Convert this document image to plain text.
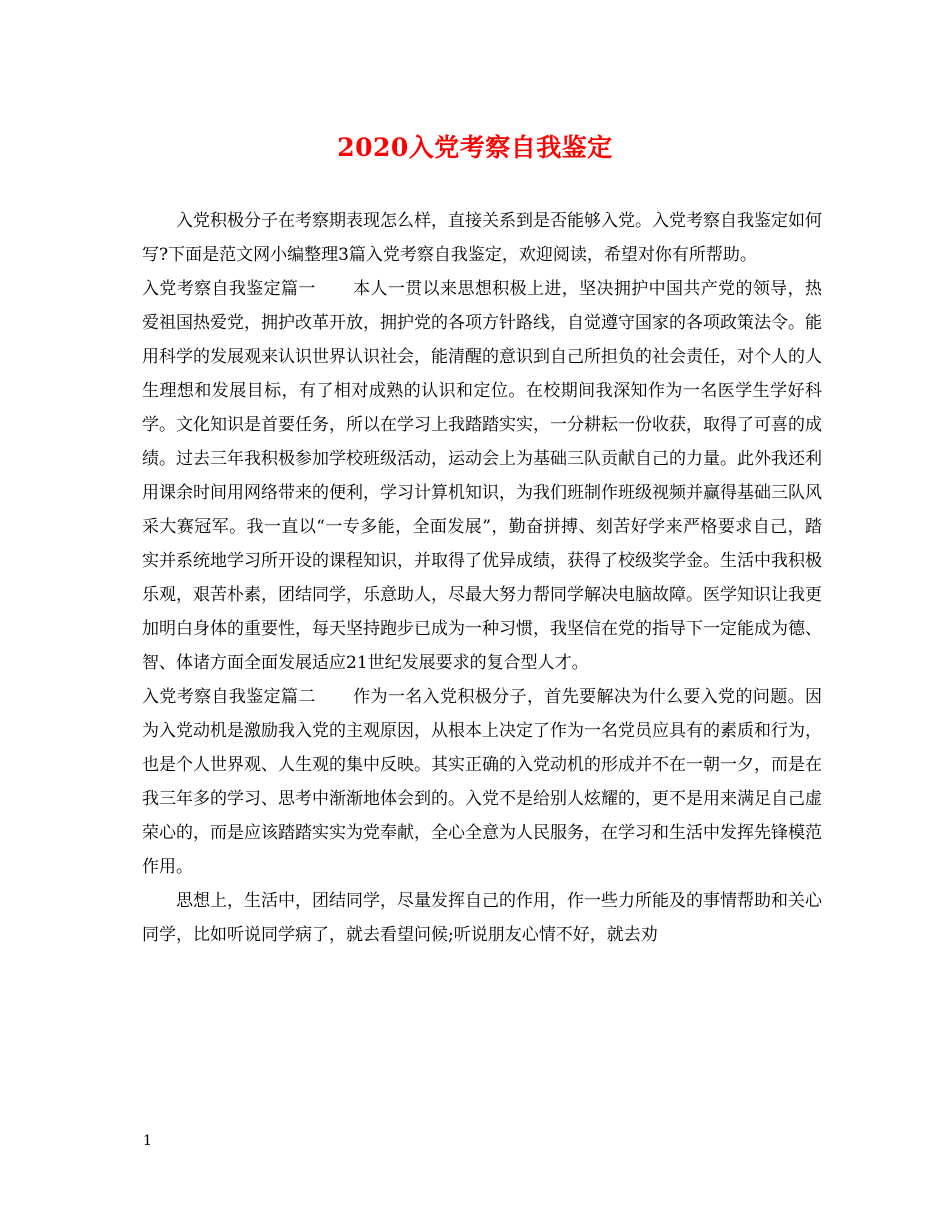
2020入党考察自我鉴定

入党积极分子在考察期表现怎么样，直接关系到是否能够入党。入党考察自我鉴定如何写?下面是范文网小编整理3篇入党考察自我鉴定，欢迎阅读，希望对你有所帮助。

入党考察自我鉴定篇一 本人一贯以来思想积极上进，坚决拥护中国共产党的领导，热爱祖国热爱党，拥护改革开放，拥护党的各项方针路线，自觉遵守国家的各项政策法令。能用科学的发展观来认识世界认识社会，能清醒的意识到自己所担负的社会责任，对个人的人生理想和发展目标，有了相对成熟的认识和定位。在校期间我深知作为一名医学生学好科学。文化知识是首要任务，所以在学习上我踏踏实实，一分耕耘一份收获，取得了可喜的成绩。过去三年我积极参加学校班级活动，运动会上为基础三队贡献自己的力量。此外我还利用课余时间用网络带来的便利，学习计算机知识，为我们班制作班级视频并赢得基础三队风采大赛冠军。我一直以“一专多能，全面发展”，勤奋拼搏、刻苦好学来严格要求自己，踏实并系统地学习所开设的课程知识，并取得了优异成绩，获得了校级奖学金。生活中我积极乐观，艰苦朴素，团结同学，乐意助人，尽最大努力帮同学解决电脑故障。医学知识让我更加明白身体的重要性，每天坚持跑步已成为一种习惯，我坚信在党的指导下一定能成为德、智、体诸方面全面发展适应21世纪发展要求的复合型人才。

入党考察自我鉴定篇二 作为一名入党积极分子，首先要解决为什么要入党的问题。因为入党动机是激励我入党的主观原因，从根本上决定了作为一名党员应具有的素质和行为，也是个人世界观、人生观的集中反映。其实正确的入党动机的形成并不在一朝一夕，而是在我三年多的学习、思考中渐渐地体会到的。入党不是给别人炫耀的，更不是用来满足自己虚荣心的，而是应该踏踏实实为党奉献，全心全意为人民服务，在学习和生活中发挥先锋模范作用。

思想上，生活中，团结同学，尽量发挥自己的作用，作一些力所能及的事情帮助和关心同学，比如听说同学病了，就去看望问候;听说朋友心情不好，就去劝

1
